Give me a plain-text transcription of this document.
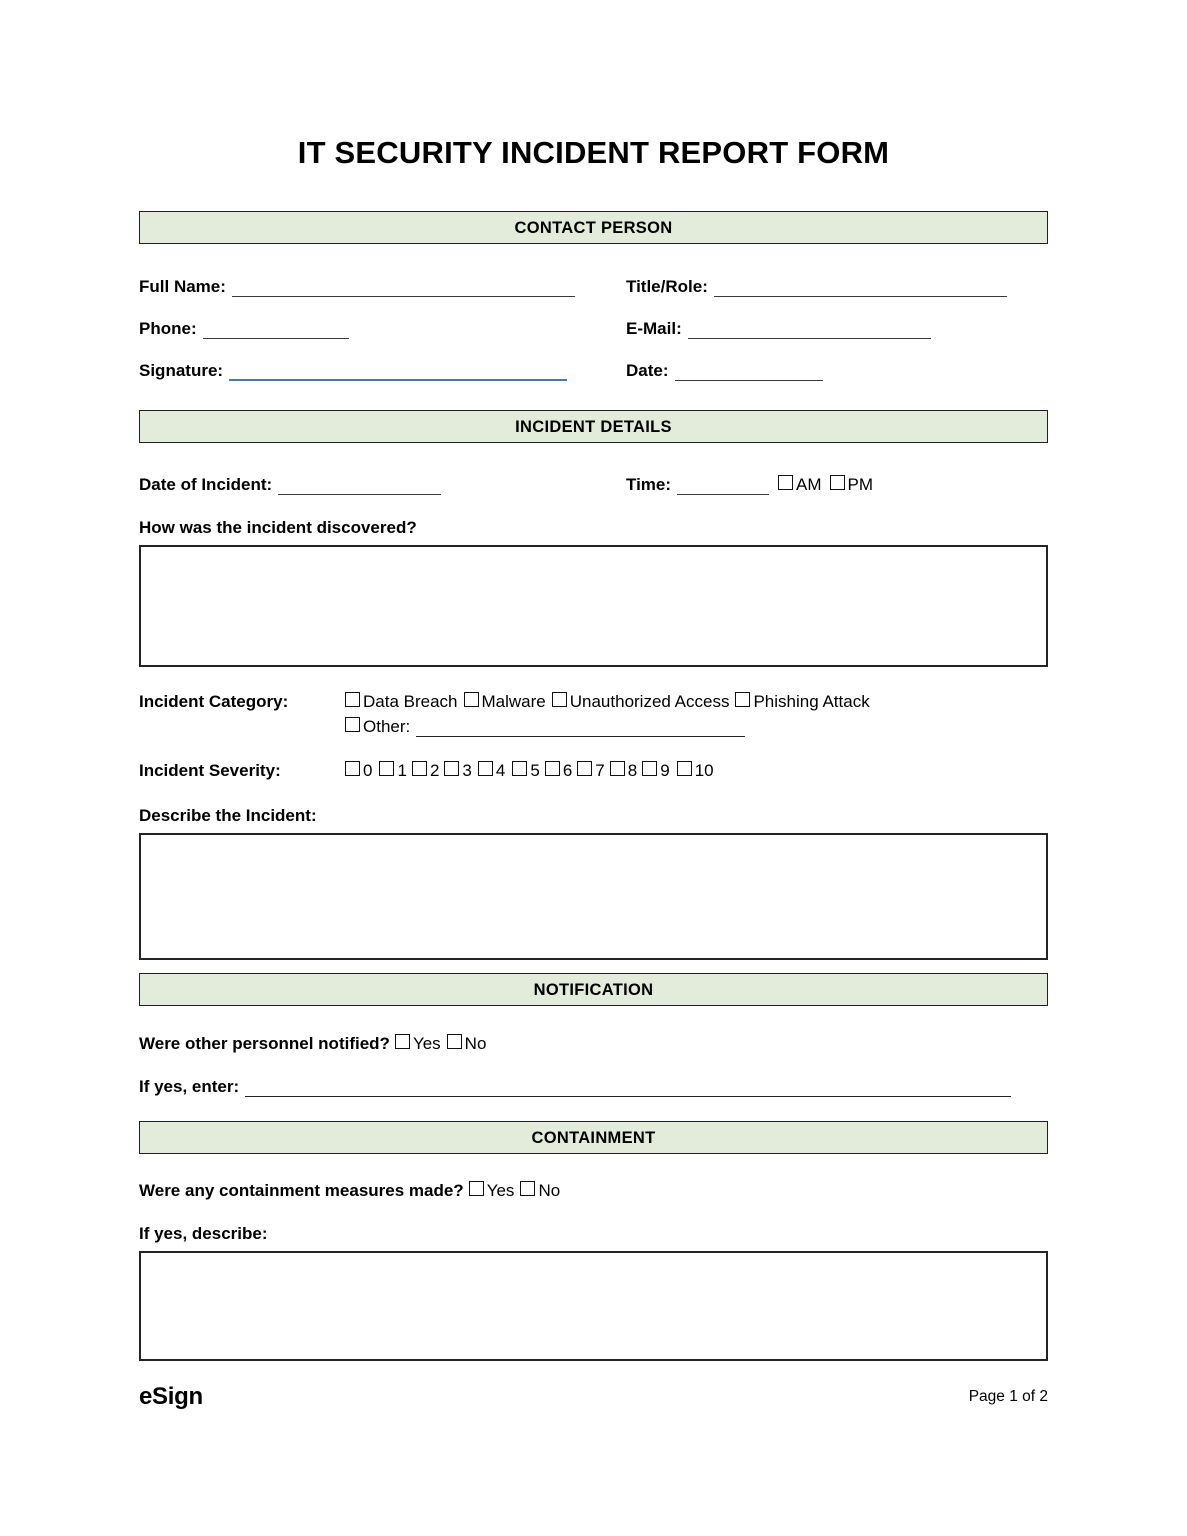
IT SECURITY INCIDENT REPORT FORM
CONTACT PERSON
Full Name :	Title/Role :
Phone :	E-Mail :
Signature :	Date :
INCIDENT DETAILS
Date of Incident :	Time :	AM PM
How was the incident discovered?
Incident Category:	Data Breach Malware Unauthorized Access Phishing Attack
Other :
Incident Severity:	0 1 2 3 4 5 6 7 8 9 10
Describe the Incident:
NOTIFICATION
Were other personnel notified? Yes No
If yes, enter :
CONTAINMENT
Were any containment measures made? Yes No
If yes, describe:
eSign	Page 1 of 2
